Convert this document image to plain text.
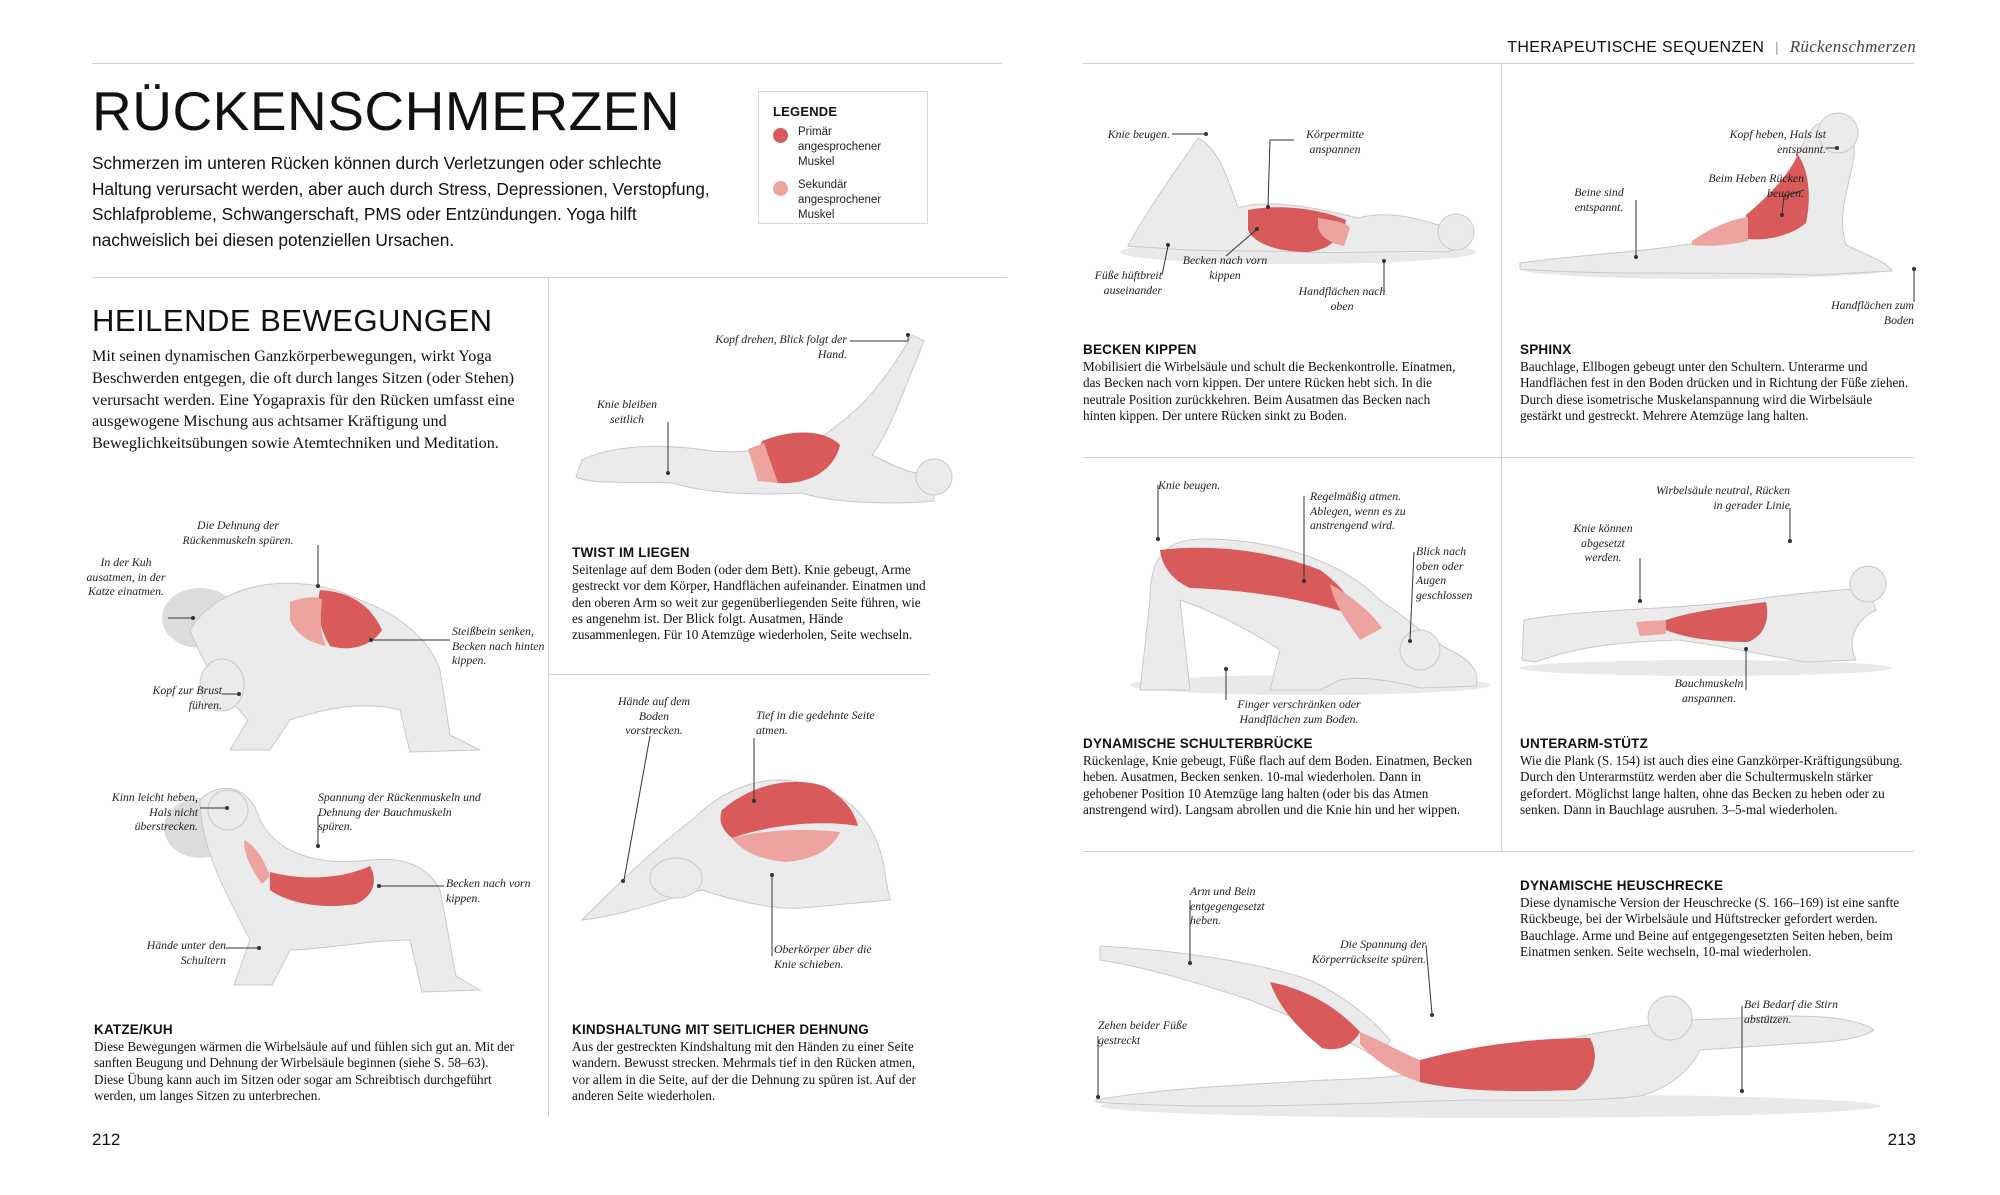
THERAPEUTISCHE SEQUENZEN | Rückenschmerzen
RÜCKENSCHMERZEN
Schmerzen im unteren Rücken können durch Verletzungen oder schlechte Haltung verursacht werden, aber auch durch Stress, Depressionen, Verstopfung, Schlafprobleme, Schwangerschaft, PMS oder Entzündungen. Yoga hilft nachweislich bei diesen potenziellen Ursachen.
LEGENDE
Primär angesprochener Muskel
Sekundär angesprochener Muskel
HEILENDE BEWEGUNGEN
Mit seinen dynamischen Ganzkörperbewegungen, wirkt Yoga Beschwerden entgegen, die oft durch langes Sitzen (oder Stehen) verursacht werden. Eine Yogapraxis für den Rücken umfasst eine ausgewogene Mischung aus achtsamer Kräftigung und Beweglichkeitsübungen sowie Atemtechniken und Meditation.
Die Dehnung der Rückenmuskeln spüren.
In der Kuh ausatmen, in der Katze einatmen.
Steißbein senken, Becken nach hinten kippen.
Kopf zur Brust führen.
Kinn leicht heben, Hals nicht überstrecken.
Spannung der Rückenmuskeln und Dehnung der Bauchmuskeln spüren.
Becken nach vorn kippen.
Hände unter den Schultern
KATZE/KUH
Diese Bewegungen wärmen die Wirbelsäule auf und fühlen sich gut an. Mit der sanften Beugung und Dehnung der Wirbelsäule beginnen (siehe S. 58–63). Diese Übung kann auch im Sitzen oder sogar am Schreibtisch durchgeführt werden, um langes Sitzen zu unterbrechen.
Kopf drehen, Blick folgt der Hand.
Knie bleiben seitlich
TWIST IM LIEGEN
Seitenlage auf dem Boden (oder dem Bett). Knie gebeugt, Arme gestreckt vor dem Körper, Handflächen aufeinander. Einatmen und den oberen Arm so weit zur gegenüberliegenden Seite führen, wie es angenehm ist. Der Blick folgt. Ausatmen, Hände zusammenlegen. Für 10 Atemzüge wiederholen, Seite wechseln.
Hände auf dem Boden vorstrecken.
Tief in die gedehnte Seite atmen.
Oberkörper über die Knie schieben.
KINDSHALTUNG MIT SEITLICHER DEHNUNG
Aus der gestreckten Kindshaltung mit den Händen zu einer Seite wandern. Bewusst strecken. Mehrmals tief in den Rücken atmen, vor allem in die Seite, auf der die Dehnung zu spüren ist. Auf der anderen Seite wiederholen.
Knie beugen.	Körpermitte anspannen
Füße hüftbreit auseinander
Becken nach vorn kippen
Handflächen nach oben
BECKEN KIPPEN
Mobilisiert die Wirbelsäule und schult die Beckenkontrolle. Einatmen, das Becken nach vorn kippen. Der untere Rücken hebt sich. In die neutrale Position zurückkehren. Beim Ausatmen das Becken nach hinten kippen. Der untere Rücken sinkt zu Boden.
Kopf heben, Hals ist entspannt.
Beim Heben Rücken beugen.
Beine sind entspannt.
Handflächen zum Boden
SPHINX
Bauchlage, Ellbogen gebeugt unter den Schultern. Unterarme und Handflächen fest in den Boden drücken und in Richtung der Füße ziehen. Durch diese isometrische Muskelanspannung wird die Wirbelsäule gestärkt und gestreckt. Mehrere Atemzüge lang halten.
Knie beugen.
Regelmäßig atmen. Ablegen, wenn es zu anstrengend wird.
Blick nach oben oder Augen geschlossen
Finger verschränken oder Handflächen zum Boden.
DYNAMISCHE SCHULTERBRÜCKE
Rückenlage, Knie gebeugt, Füße flach auf dem Boden. Einatmen, Becken heben. Ausatmen, Becken senken. 10-mal wiederholen. Dann in gehobener Position 10 Atemzüge lang halten (oder bis das Atmen anstrengend wird). Langsam abrollen und die Knie hin und her wippen.
Wirbelsäule neutral, Rücken in gerader Linie
Knie können abgesetzt werden.
Bauchmuskeln anspannen.
UNTERARM-STÜTZ
Wie die Plank (S. 154) ist auch dies eine Ganzkörper-Kräftigungsübung. Durch den Unterarmstütz werden aber die Schultermuskeln stärker gefordert. Möglichst lange halten, ohne das Becken zu heben oder zu senken. Dann in Bauchlage ausruhen. 3–5-mal wiederholen.
Arm und Bein entgegengesetzt heben.
Die Spannung der Körperrückseite spüren.
Bei Bedarf die Stirn abstützen.
Zehen beider Füße gestreckt
DYNAMISCHE HEUSCHRECKE
Diese dynamische Version der Heuschrecke (S. 166–169) ist eine sanfte Rückbeuge, bei der Wirbelsäule und Hüftstrecker gefordert werden. Bauchlage. Arme und Beine auf entgegengesetzten Seiten heben, beim Einatmen senken. Seite wechseln, 10-mal wiederholen.
212	213
